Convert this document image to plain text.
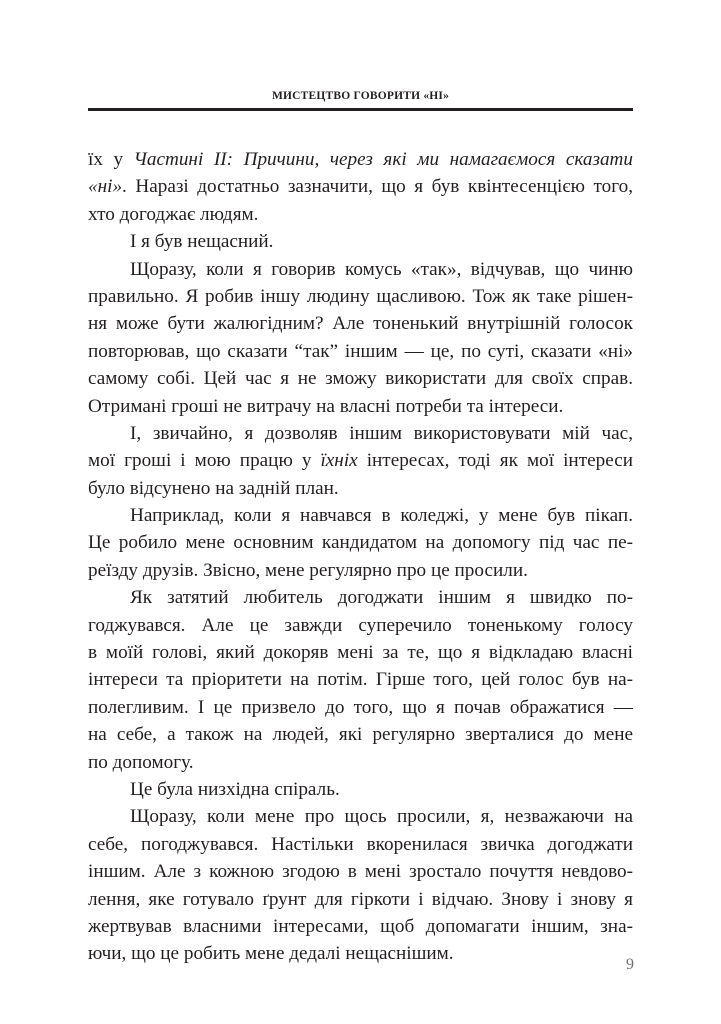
МИСТЕЦТВО ГОВОРИТИ «НІ»
їх у Частині II: Причини, через які ми намагаємося сказати
«ні». Наразі достатньо зазначити, що я був квінтесенцією того,
хто догоджає людям.
І я був нещасний.
Щоразу, коли я говорив комусь «так», відчував, що чиню
правильно. Я робив іншу людину щасливою. Тож як таке рішен-
ня може бути жалюгідним? Але тоненький внутрішній голосок
повторював, що сказати “так” іншим — це, по суті, сказати «ні»
самому собі. Цей час я не зможу використати для своїх справ.
Отримані гроші не витрачу на власні потреби та інтереси.
І, звичайно, я дозволяв іншим використовувати мій час,
мої гроші і мою працю у їхніх інтересах, тоді як мої інтереси
було відсунено на задній план.
Наприклад, коли я навчався в коледжі, у мене був пікап.
Це робило мене основним кандидатом на допомогу під час пе-
реїзду друзів. Звісно, мене регулярно про це просили.
Як затятий любитель догоджати іншим я швидко по-
годжувався. Але це завжди суперечило тоненькому голосу
в моїй голові, який докоряв мені за те, що я відкладаю власні
інтереси та пріоритети на потім. Гірше того, цей голос був на-
полегливим. І це призвело до того, що я почав ображатися —
на себе, а також на людей, які регулярно зверталися до мене
по допомогу.
Це була низхідна спіраль.
Щоразу, коли мене про щось просили, я, незважаючи на
себе, погоджувався. Настільки вкоренилася звичка догоджати
іншим. Але з кожною згодою в мені зростало почуття невдово-
лення, яке готувало ґрунт для гіркоти і відчаю. Знову і знову я
жертвував власними інтересами, щоб допомагати іншим, зна-
ючи, що це робить мене дедалі нещаснішим.
9
